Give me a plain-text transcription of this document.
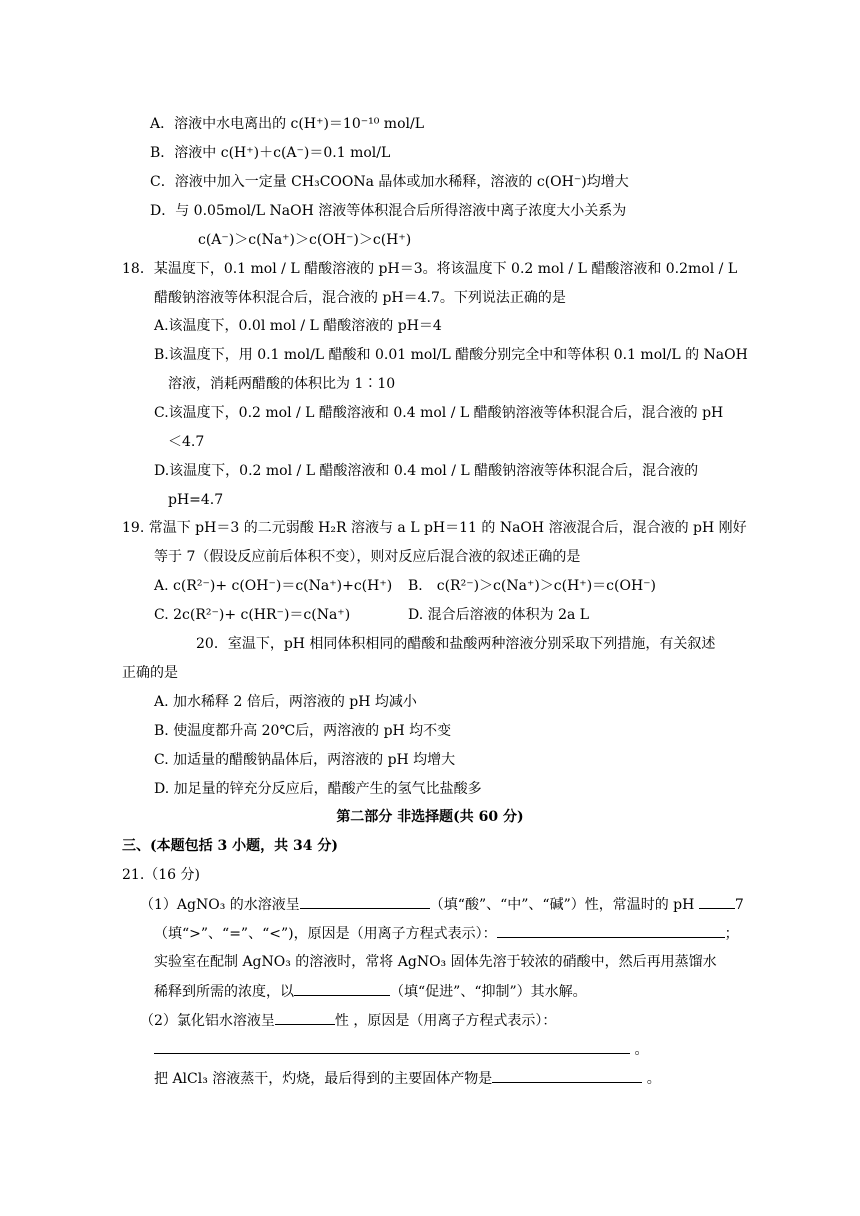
A．溶液中水电离出的 c(H⁺)＝10⁻¹⁰ mol/L
B．溶液中 c(H⁺)＋c(A⁻)＝0.1 mol/L
C．溶液中加入一定量 CH₃COONa 晶体或加水稀释，溶液的 c(OH⁻)均增大
D．与 0.05mol/L NaOH 溶液等体积混合后所得溶液中离子浓度大小关系为
c(A⁻)＞c(Na⁺)＞c(OH⁻)＞c(H⁺)
18．某温度下，0.1 mol / L 醋酸溶液的 pH＝3。将该温度下 0.2 mol / L 醋酸溶液和 0.2mol / L
醋酸钠溶液等体积混合后，混合液的 pH＝4.7。下列说法正确的是
A.该温度下，0.0l mol / L 醋酸溶液的 pH＝4
B.该温度下，用 0.1 mol/L 醋酸和 0.01 mol/L 醋酸分别完全中和等体积 0.1 mol/L 的 NaOH
溶液，消耗两醋酸的体积比为 1∶10
C.该温度下，0.2 mol / L 醋酸溶液和 0.4 mol / L 醋酸钠溶液等体积混合后，混合液的 pH
＜4.7
D.该温度下，0.2 mol / L 醋酸溶液和 0.4 mol / L 醋酸钠溶液等体积混合后，混合液的
pH=4.7
19. 常温下 pH＝3 的二元弱酸 H₂R 溶液与 a L pH＝11 的 NaOH 溶液混合后，混合液的 pH 刚好
等于 7（假设反应前后体积不变），则对反应后混合液的叙述正确的是
A. c(R²⁻)+ c(OH⁻)＝c(Na⁺)+c(H⁺) B． c(R²⁻)＞c(Na⁺)＞c(H⁺)＝c(OH⁻)
C. 2c(R²⁻)+ c(HR⁻)＝c(Na⁺)	D. 混合后溶液的体积为 2a L
20．室温下，pH 相同体积相同的醋酸和盐酸两种溶液分别采取下列措施，有关叙述
正确的是
A. 加水稀释 2 倍后，两溶液的 pH 均减小
B. 使温度都升高 20℃后，两溶液的 pH 均不变
C. 加适量的醋酸钠晶体后，两溶液的 pH 均增大
D. 加足量的锌充分反应后，醋酸产生的氢气比盐酸多
第二部分 非选择题(共 60 分)
三、(本题包括 3 小题，共 34 分)
21.（16 分)
（1）AgNO₃ 的水溶液呈	（填“酸”、“中”、“碱”）性，常温时的 pH	7
（填“>”、“=”、“<”)，原因是（用离子方程式表示）：	；
实验室在配制 AgNO₃ 的溶液时，常将 AgNO₃ 固体先溶于较浓的硝酸中，然后再用蒸馏水
稀释到所需的浓度，以	（填“促进”、“抑制”）其水解。
（2）氯化铝水溶液呈	性 ，原因是（用离子方程式表示）：
。
把 AlCl₃ 溶液蒸干，灼烧，最后得到的主要固体产物是	。
